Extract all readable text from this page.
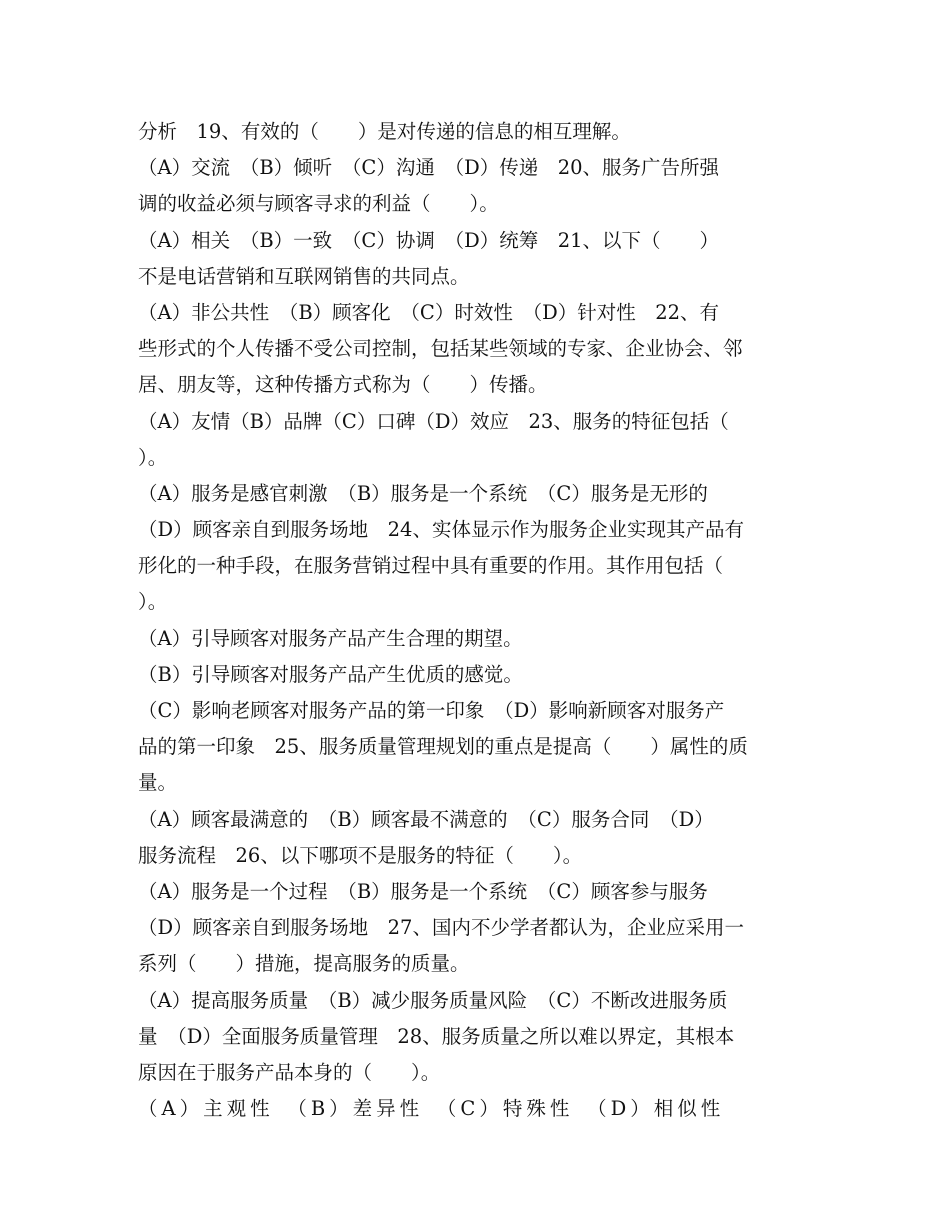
分析　19、有效的（　　）是对传递的信息的相互理解。
（A）交流　（B）倾听　（C）沟通　（D）传递　20、服务广告所强
调的收益必须与顾客寻求的利益（　　）。
（A）相关　（B）一致　（C）协调　（D）统筹　21、以下（　　）
不是电话营销和互联网销售的共同点。
（A）非公共性　（B）顾客化　（C）时效性　（D）针对性　22、有
些形式的个人传播不受公司控制，包括某些领域的专家、企业协会、邻
居、朋友等，这种传播方式称为（　　）传播。
（A）友情（B）品牌（C）口碑（D）效应　23、服务的特征包括（
）。
（A）服务是感官刺激　（B）服务是一个系统　（C）服务是无形的
（D）顾客亲自到服务场地　24、实体显示作为服务企业实现其产品有
形化的一种手段，在服务营销过程中具有重要的作用。其作用包括（
）。
（A）引导顾客对服务产品产生合理的期望。
（B）引导顾客对服务产品产生优质的感觉。
（C）影响老顾客对服务产品的第一印象　（D）影响新顾客对服务产
品的第一印象　25、服务质量管理规划的重点是提高（　　）属性的质
量。
（A）顾客最满意的　（B）顾客最不满意的　（C）服务合同　（D）
服务流程　26、以下哪项不是服务的特征（　　）。
（A）服务是一个过程　（B）服务是一个系统　（C）顾客参与服务
（D）顾客亲自到服务场地　27、国内不少学者都认为，企业应采用一
系列（　　）措施，提高服务的质量。
（A）提高服务质量　（B）减少服务质量风险　（C）不断改进服务质
量　（D）全面服务质量管理　28、服务质量之所以难以界定，其根本
原因在于服务产品本身的（　　）。
（A）主观性　（B）差异性　（C）特殊性　（D）相似性
